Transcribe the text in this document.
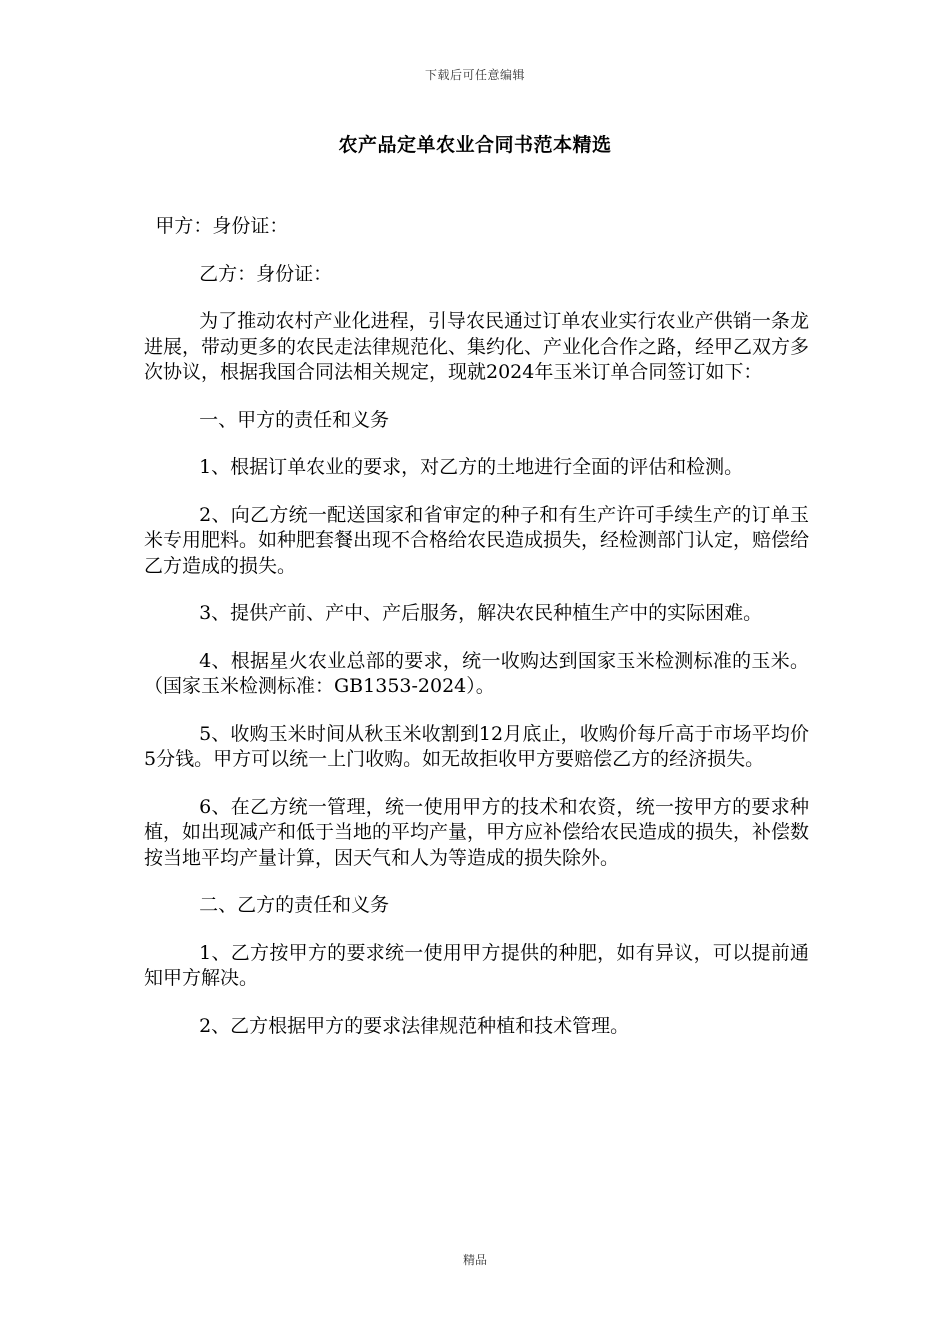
下载后可任意编辑
农产品定单农业合同书范本精选

甲方：身份证：

乙方：身份证：

为了推动农村产业化进程，引导农民通过订单农业实行农业产供销一条龙进展，带动更多的农民走法律规范化、集约化、产业化合作之路，经甲乙双方多次协议，根据我国合同法相关规定，现就2024年玉米订单合同签订如下：

一、甲方的责任和义务

1、根据订单农业的要求，对乙方的土地进行全面的评估和检测。

2、向乙方统一配送国家和省审定的种子和有生产许可手续生产的订单玉米专用肥料。如种肥套餐出现不合格给农民造成损失，经检测部门认定，赔偿给乙方造成的损失。

3、提供产前、产中、产后服务，解决农民种植生产中的实际困难。

4、根据星火农业总部的要求，统一收购达到国家玉米检测标准的玉米。（国家玉米检测标准：GB1353-2024）。

5、收购玉米时间从秋玉米收割到12月底止，收购价每斤高于市场平均价5分钱。甲方可以统一上门收购。如无故拒收甲方要赔偿乙方的经济损失。

6、在乙方统一管理，统一使用甲方的技术和农资，统一按甲方的要求种植，如出现减产和低于当地的平均产量，甲方应补偿给农民造成的损失，补偿数按当地平均产量计算，因天气和人为等造成的损失除外。

二、乙方的责任和义务

1、乙方按甲方的要求统一使用甲方提供的种肥，如有异议，可以提前通知甲方解决。

2、乙方根据甲方的要求法律规范种植和技术管理。

精品
